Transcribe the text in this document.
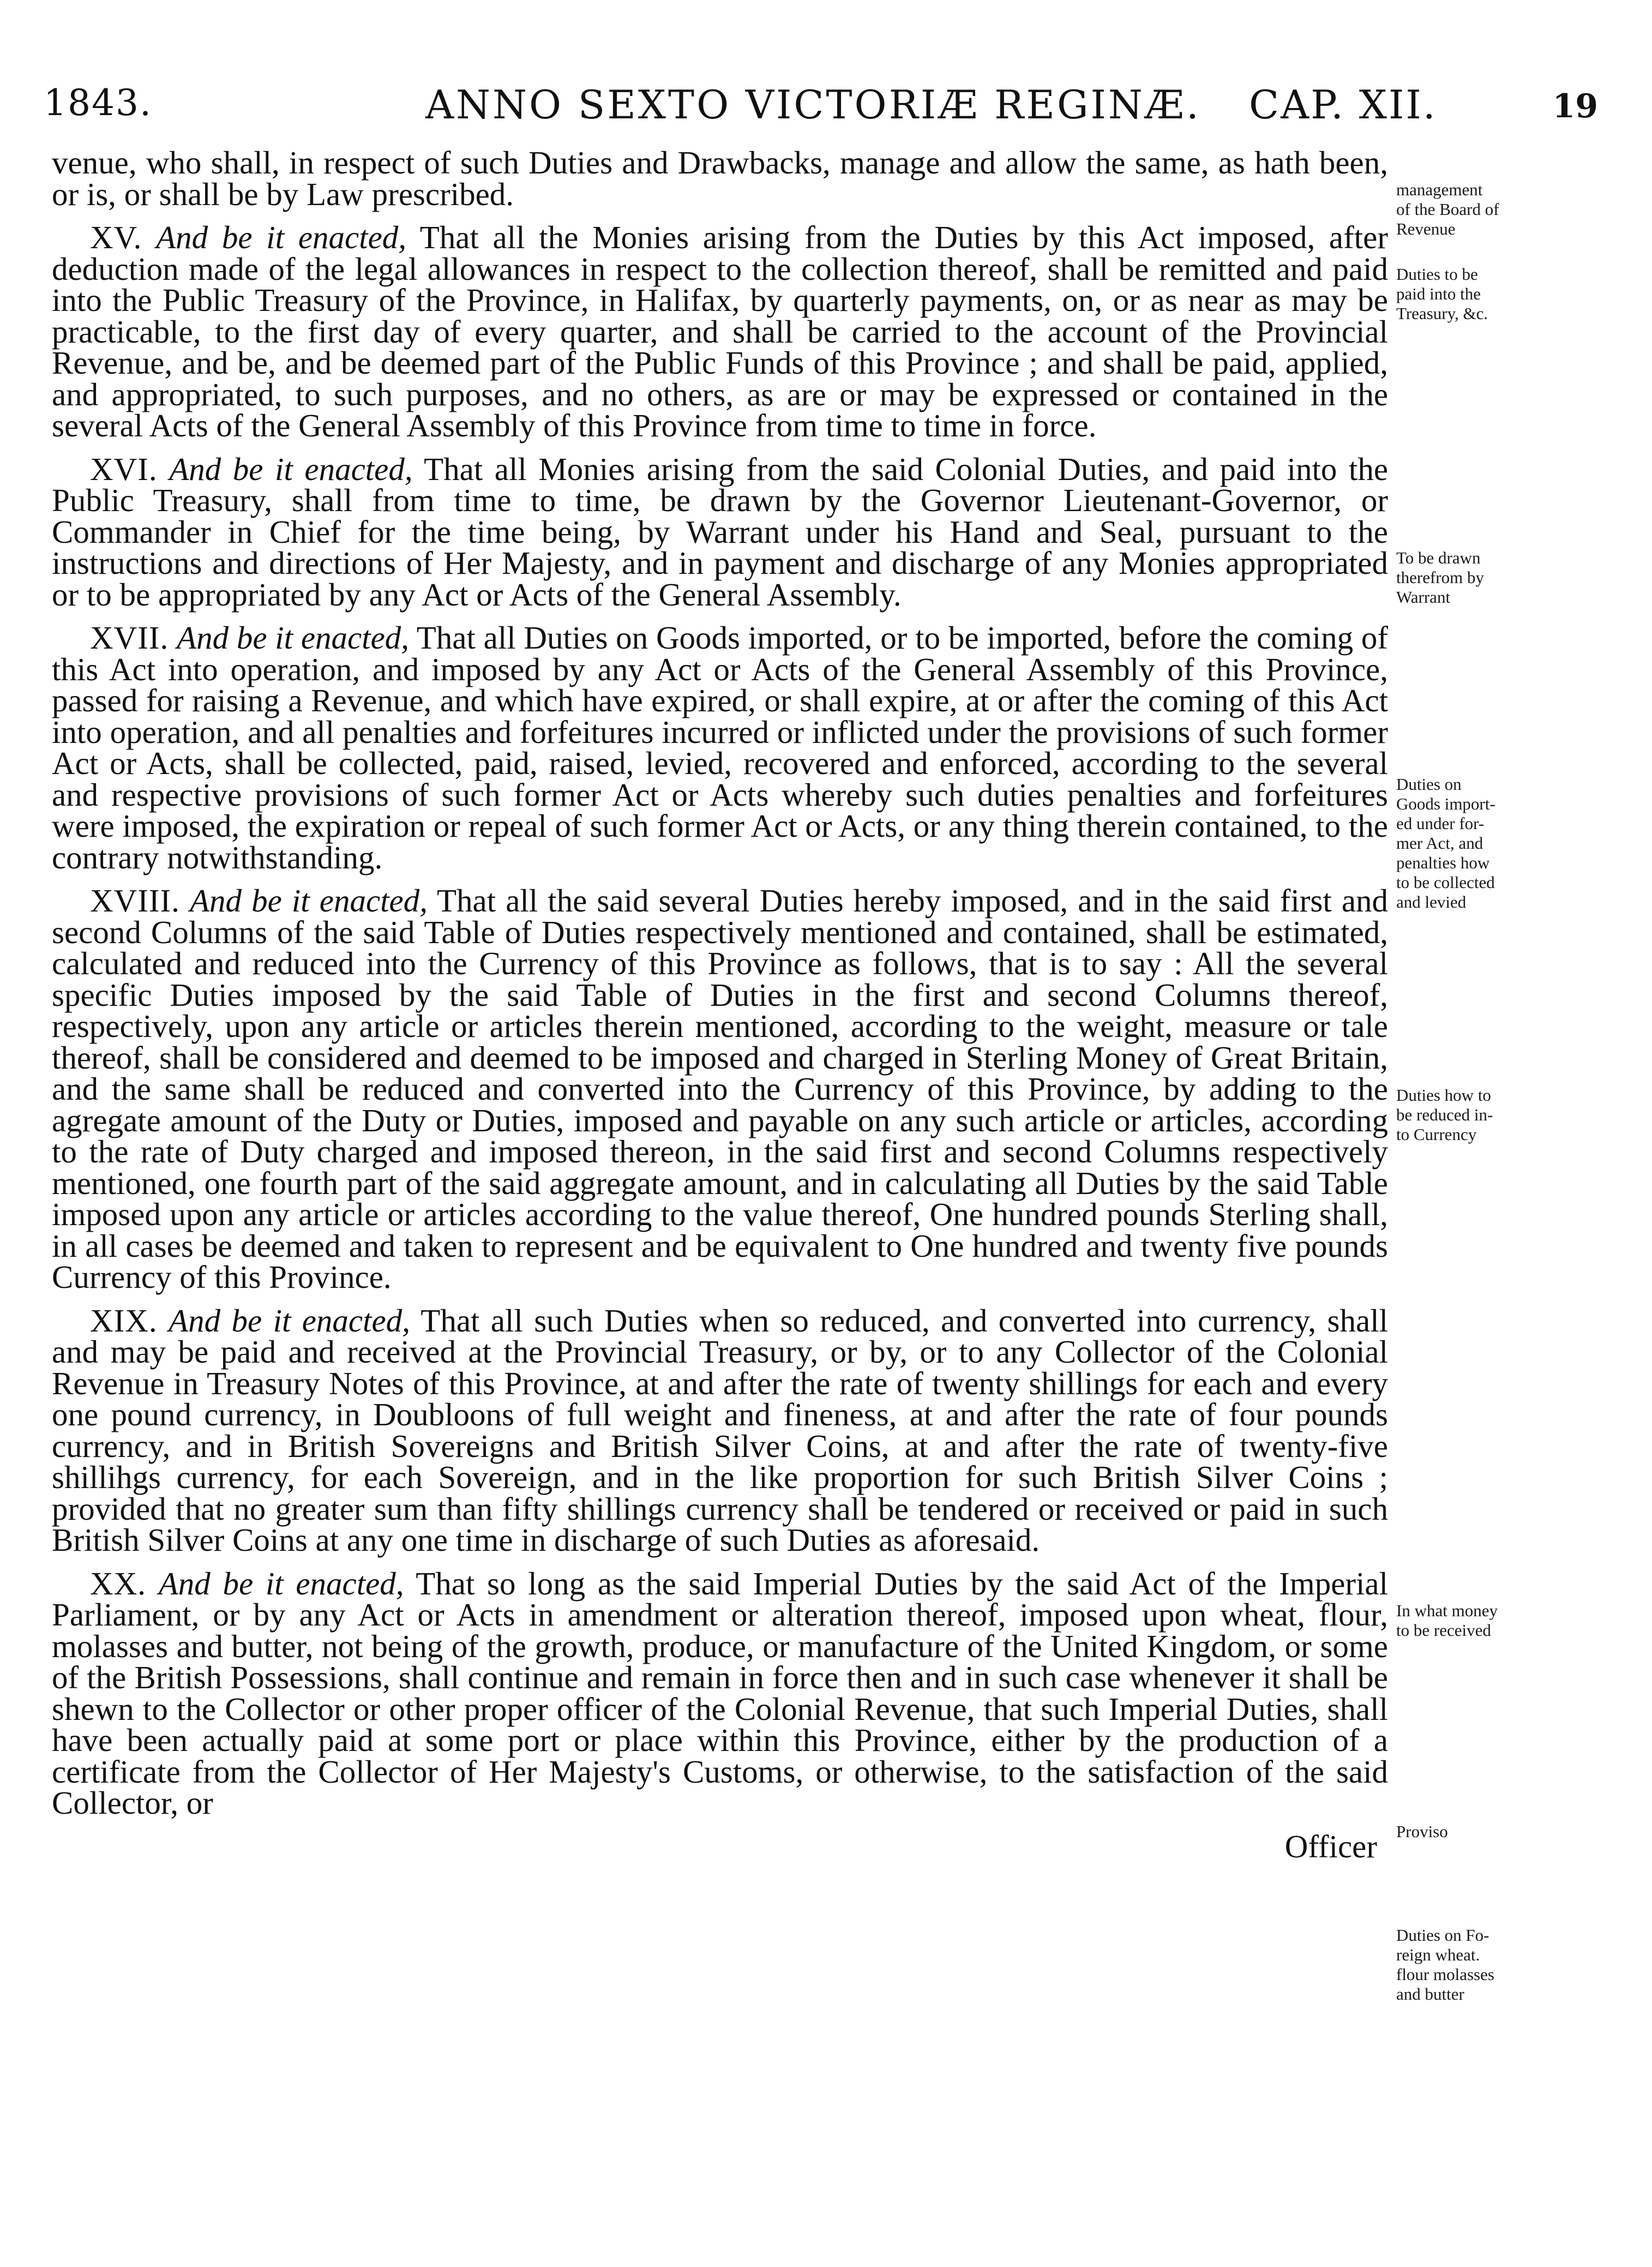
1843.	ANNO SEXTO VICTORIÆ REGINÆ. CAP. XII.	19

venue, who shall, in respect of such Duties and Drawbacks, manage and allow the same, as hath been, or is, or shall be by Law prescribed.

XV. And be it enacted, That all the Monies arising from the Duties by this Act imposed, after deduction made of the legal allowances in respect to the collection thereof, shall be remitted and paid into the Public Treasury of the Province, in Halifax, by quarterly payments, on, or as near as may be practicable, to the first day of every quarter, and shall be carried to the account of the Provincial Revenue, and be, and be deemed part of the Public Funds of this Province ; and shall be paid, applied, and appropriated, to such purposes, and no others, as are or may be expressed or contained in the several Acts of the General Assembly of this Province from time to time in force.

XVI. And be it enacted, That all Monies arising from the said Colonial Duties, and paid into the Public Treasury, shall from time to time, be drawn by the Governor Lieutenant-Governor, or Commander in Chief for the time being, by Warrant under his Hand and Seal, pursuant to the instructions and directions of Her Majesty, and in payment and discharge of any Monies appropriated or to be appropriated by any Act or Acts of the General Assembly.

XVII. And be it enacted, That all Duties on Goods imported, or to be imported, before the coming of this Act into operation, and imposed by any Act or Acts of the General Assembly of this Province, passed for raising a Revenue, and which have expired, or shall expire, at or after the coming of this Act into operation, and all penalties and forfeitures incurred or inflicted under the provisions of such former Act or Acts, shall be collected, paid, raised, levied, recovered and enforced, according to the several and respective provisions of such former Act or Acts whereby such duties penalties and forfeitures were imposed, the expiration or repeal of such former Act or Acts, or any thing therein contained, to the contrary notwithstanding.

XVIII. And be it enacted, That all the said several Duties hereby imposed, and in the said first and second Columns of the said Table of Duties respectively mentioned and contained, shall be estimated, calculated and reduced into the Currency of this Province as follows, that is to say : All the several specific Duties imposed by the said Table of Duties in the first and second Columns thereof, respectively, upon any article or articles therein mentioned, according to the weight, measure or tale thereof, shall be considered and deemed to be imposed and charged in Sterling Money of Great Britain, and the same shall be reduced and converted into the Currency of this Province, by adding to the agregate amount of the Duty or Duties, imposed and payable on any such article or articles, according to the rate of Duty charged and imposed thereon, in the said first and second Columns respectively mentioned, one fourth part of the said aggregate amount, and in calculating all Duties by the said Table imposed upon any article or articles according to the value thereof, One hundred pounds Sterling shall, in all cases be deemed and taken to represent and be equivalent to One hundred and twenty five pounds Currency of this Province.

XIX. And be it enacted, That all such Duties when so reduced, and converted into currency, shall and may be paid and received at the Provincial Treasury, or by, or to any Collector of the Colonial Revenue in Treasury Notes of this Province, at and after the rate of twenty shillings for each and every one pound currency, in Doubloons of full weight and fineness, at and after the rate of four pounds currency, and in British Sovereigns and British Silver Coins, at and after the rate of twenty-five shillihgs currency, for each Sovereign, and in the like proportion for such British Silver Coins ; provided that no greater sum than fifty shillings currency shall be tendered or received or paid in such British Silver Coins at any one time in discharge of such Duties as aforesaid.

XX. And be it enacted, That so long as the said Imperial Duties by the said Act of the Imperial Parliament, or by any Act or Acts in amendment or alteration thereof, imposed upon wheat, flour, molasses and butter, not being of the growth, produce, or manufacture of the United Kingdom, or some of the British Possessions, shall continue and remain in force then and in such case whenever it shall be shewn to the Collector or other proper officer of the Colonial Revenue, that such Imperial Duties, shall have been actually paid at some port or place within this Province, either by the production of a certificate from the Collector of Her Majesty's Customs, or otherwise, to the satisfaction of the said Collector, or

Officer

management
of the Board of
Revenue
Duties to be
paid into the
Treasury, &c.
To be drawn
therefrom by
Warrant
Duties on
Goods import-
ed under for-
mer Act, and
penalties how
to be collected
and levied
Duties how to
be reduced in-
to Currency
In what money
to be received
Proviso
Duties on Fo-
reign wheat.
flour molasses
and butter
